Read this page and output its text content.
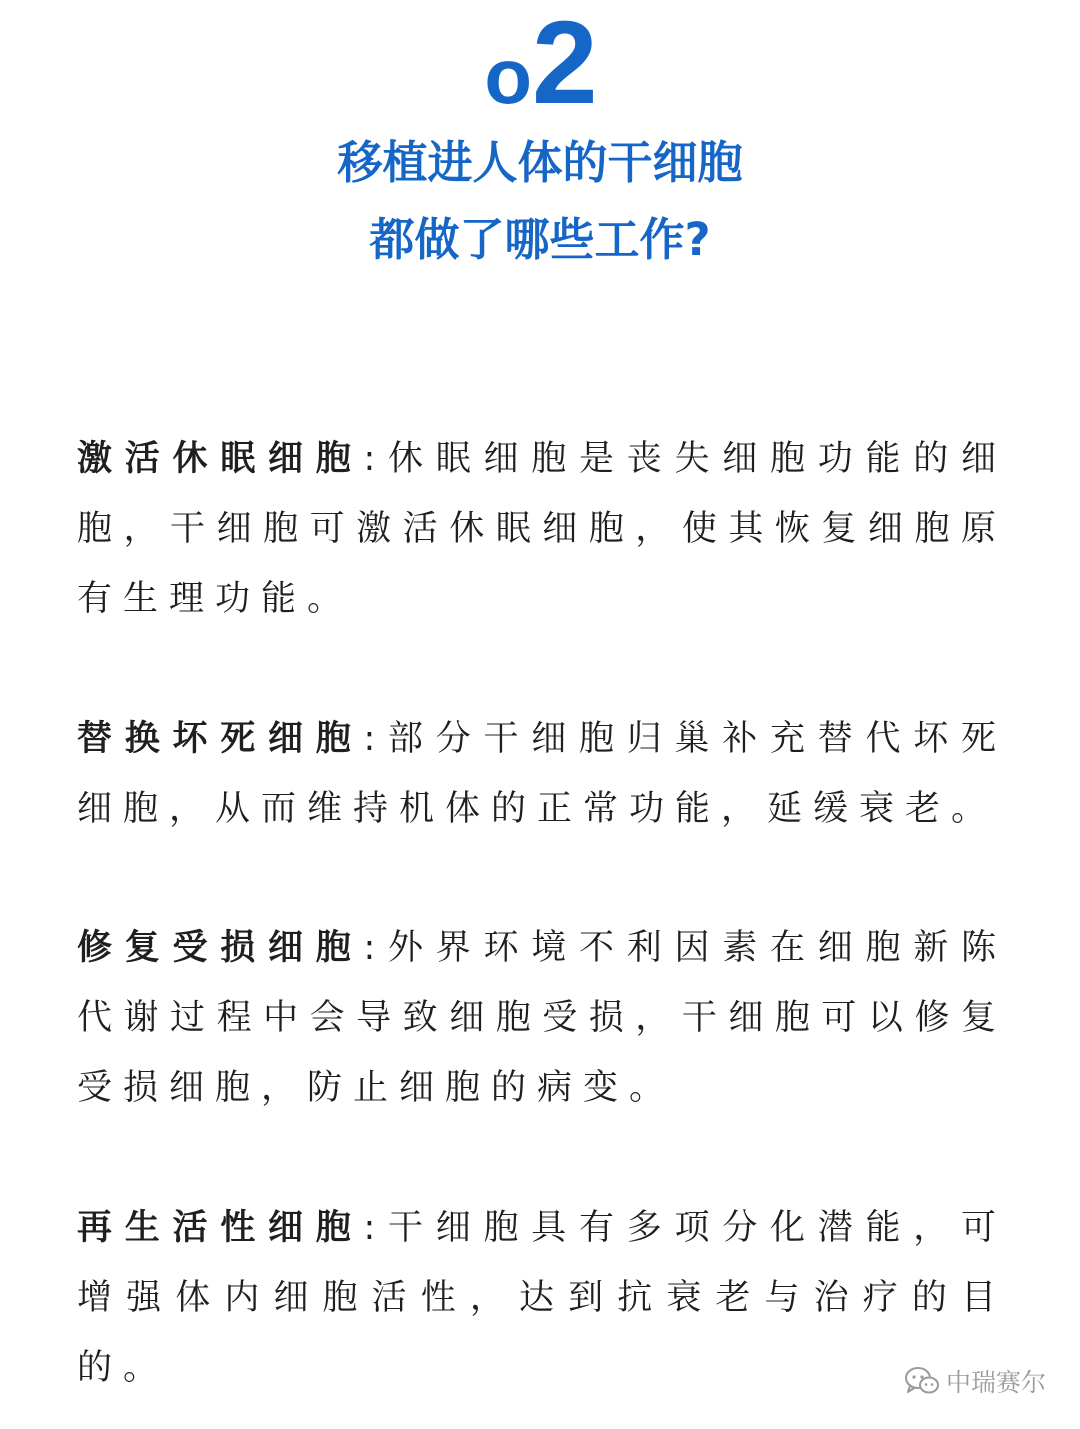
o2
移植进人体的干细胞
都做了哪些工作?

激活休眠细胞:休眠细胞是丧失细胞功能的细胞，干细胞可激活休眠细胞，使其恢复细胞原有生理功能。

替换坏死细胞:部分干细胞归巢补充替代坏死细胞，从而维持机体的正常功能，延缓衰老。

修复受损细胞:外界环境不利因素在细胞新陈代谢过程中会导致细胞受损，干细胞可以修复受损细胞，防止细胞的病变。

再生活性细胞:干细胞具有多项分化潜能，可增强体内细胞活性，达到抗衰老与治疗的目的。	中瑞赛尔
